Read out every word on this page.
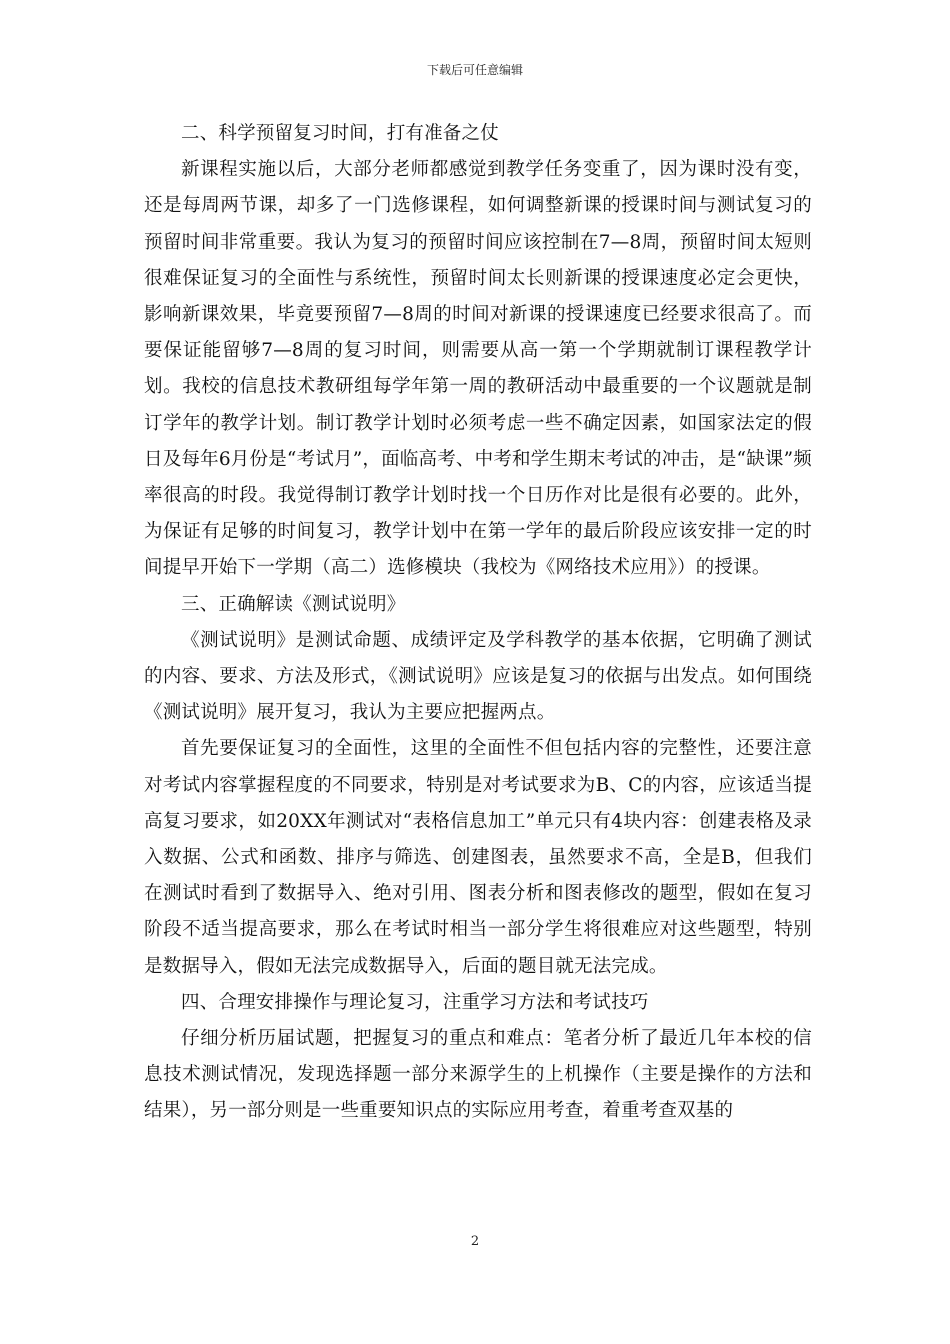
下载后可任意编辑

二、科学预留复习时间，打有准备之仗

新课程实施以后，大部分老师都感觉到教学任务变重了，因为课时没有变，还是每周两节课，却多了一门选修课程，如何调整新课的授课时间与测试复习的预留时间非常重要。我认为复习的预留时间应该控制在7—8周，预留时间太短则很难保证复习的全面性与系统性，预留时间太长则新课的授课速度必定会更快，影响新课效果，毕竟要预留7—8周的时间对新课的授课速度已经要求很高了。而要保证能留够7—8周的复习时间，则需要从高一第一个学期就制订课程教学计划。我校的信息技术教研组每学年第一周的教研活动中最重要的一个议题就是制订学年的教学计划。制订教学计划时必须考虑一些不确定因素，如国家法定的假日及每年6月份是“考试月”，面临高考、中考和学生期末考试的冲击，是“缺课”频率很高的时段。我觉得制订教学计划时找一个日历作对比是很有必要的。此外，为保证有足够的时间复习，教学计划中在第一学年的最后阶段应该安排一定的时间提早开始下一学期（高二）选修模块（我校为《网络技术应用》）的授课。

三、正确解读《测试说明》

《测试说明》是测试命题、成绩评定及学科教学的基本依据，它明确了测试的内容、要求、方法及形式，《测试说明》应该是复习的依据与出发点。如何围绕《测试说明》展开复习，我认为主要应把握两点。

首先要保证复习的全面性，这里的全面性不但包括内容的完整性，还要注意对考试内容掌握程度的不同要求，特别是对考试要求为B、C的内容，应该适当提高复习要求，如20XX年测试对“表格信息加工”单元只有4块内容：创建表格及录入数据、公式和函数、排序与筛选、创建图表，虽然要求不高，全是B，但我们在测试时看到了数据导入、绝对引用、图表分析和图表修改的题型，假如在复习阶段不适当提高要求，那么在考试时相当一部分学生将很难应对这些题型，特别是数据导入，假如无法完成数据导入，后面的题目就无法完成。

四、合理安排操作与理论复习，注重学习方法和考试技巧

仔细分析历届试题，把握复习的重点和难点：笔者分析了最近几年本校的信息技术测试情况，发现选择题一部分来源学生的上机操作（主要是操作的方法和结果），另一部分则是一些重要知识点的实际应用考查，着重考查双基的

2
